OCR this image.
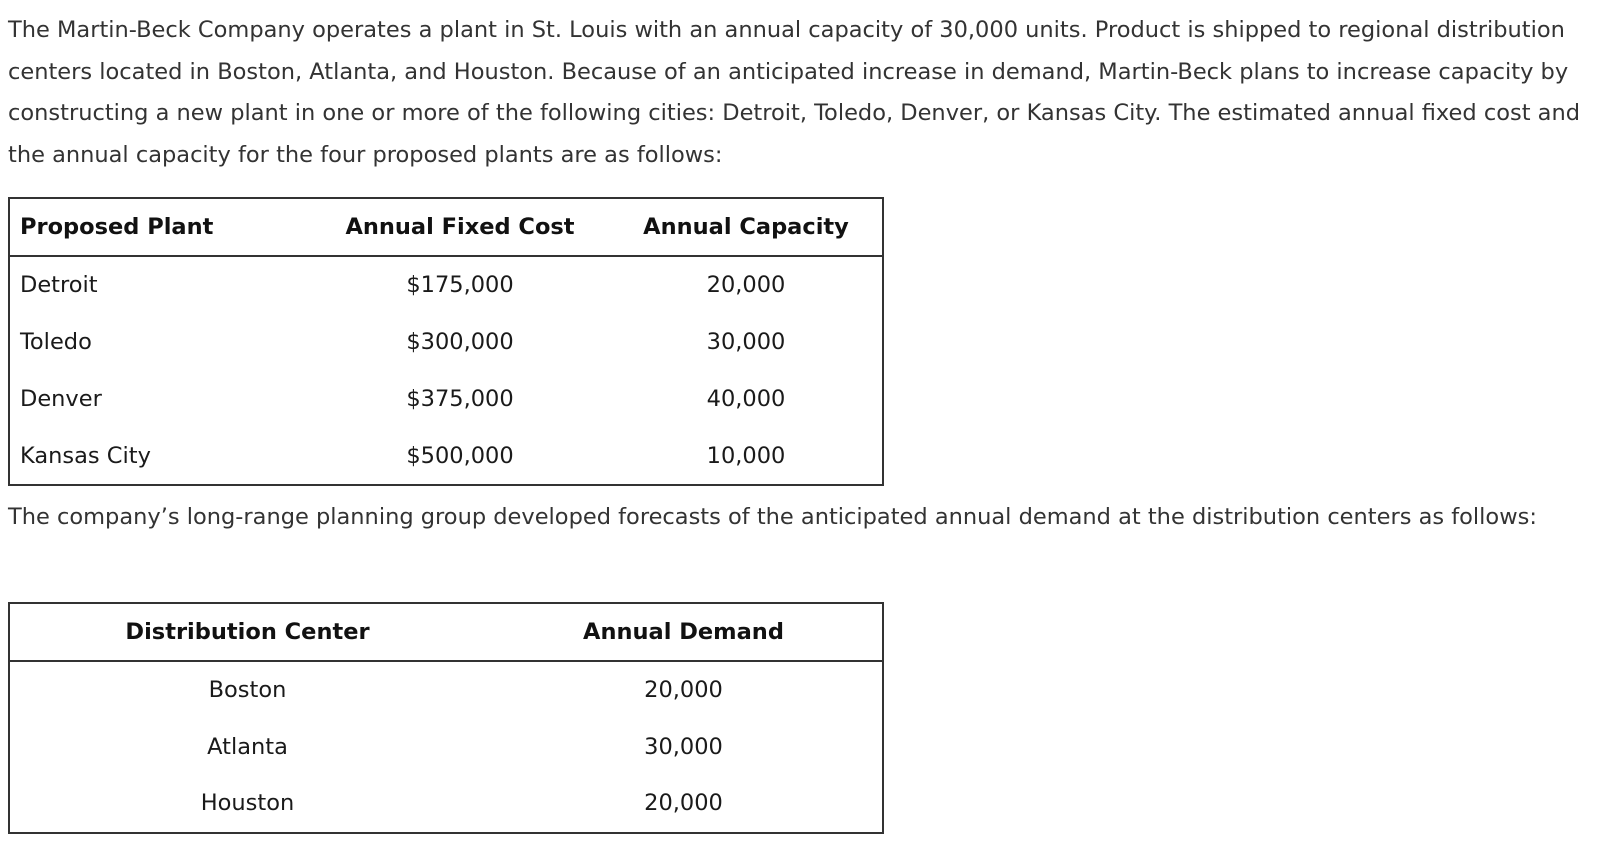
The Martin-Beck Company operates a plant in St. Louis with an annual capacity of 30,000 units. Product is shipped to regional distribution centers located in Boston, Atlanta, and Houston. Because of an anticipated increase in demand, Martin-Beck plans to increase capacity by constructing a new plant in one or more of the following cities: Detroit, Toledo, Denver, or Kansas City. The estimated annual fixed cost and the annual capacity for the four proposed plants are as follows:

Proposed Plant	Annual Fixed Cost	Annual Capacity
Detroit	$175,000	20,000
Toledo	$300,000	30,000
Denver	$375,000	40,000
Kansas City	$500,000	10,000

The company’s long-range planning group developed forecasts of the anticipated annual demand at the distribution centers as follows:

Distribution Center	Annual Demand
Boston	20,000
Atlanta	30,000
Houston	20,000
